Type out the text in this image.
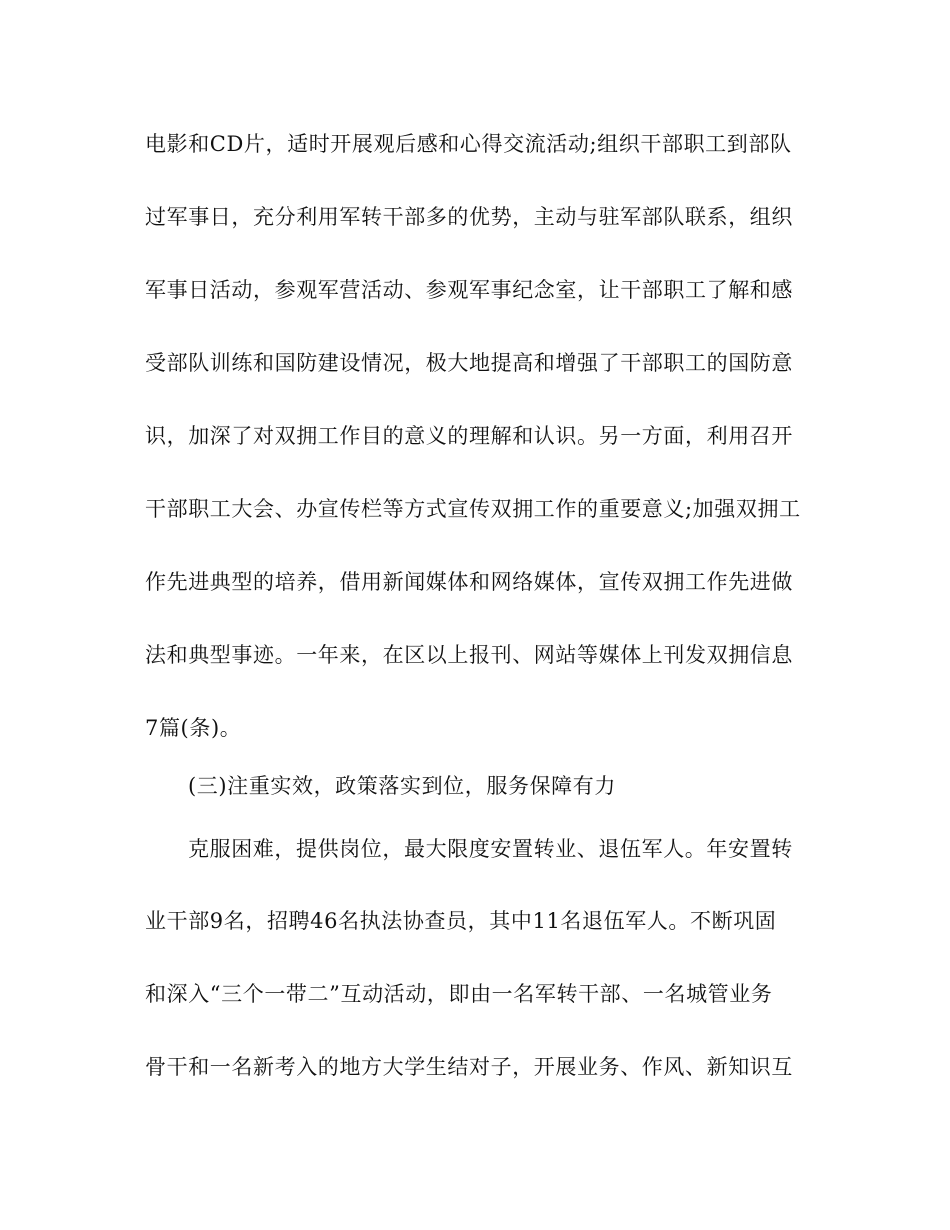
电影和CD片，适时开展观后感和心得交流活动;组织干部职工到部队
过军事日，充分利用军转干部多的优势，主动与驻军部队联系，组织
军事日活动，参观军营活动、参观军事纪念室，让干部职工了解和感
受部队训练和国防建设情况，极大地提高和增强了干部职工的国防意
识，加深了对双拥工作目的意义的理解和认识。另一方面，利用召开
干部职工大会、办宣传栏等方式宣传双拥工作的重要意义;加强双拥工
作先进典型的培养，借用新闻媒体和网络媒体，宣传双拥工作先进做
法和典型事迹。一年来，在区以上报刊、网站等媒体上刊发双拥信息
7篇(条)。
(三)注重实效，政策落实到位，服务保障有力
克服困难，提供岗位，最大限度安置转业、退伍军人。年安置转
业干部9名，招聘46名执法协查员，其中11名退伍军人。不断巩固
和深入“三个一带二”互动活动，即由一名军转干部、一名城管业务
骨干和一名新考入的地方大学生结对子，开展业务、作风、新知识互
